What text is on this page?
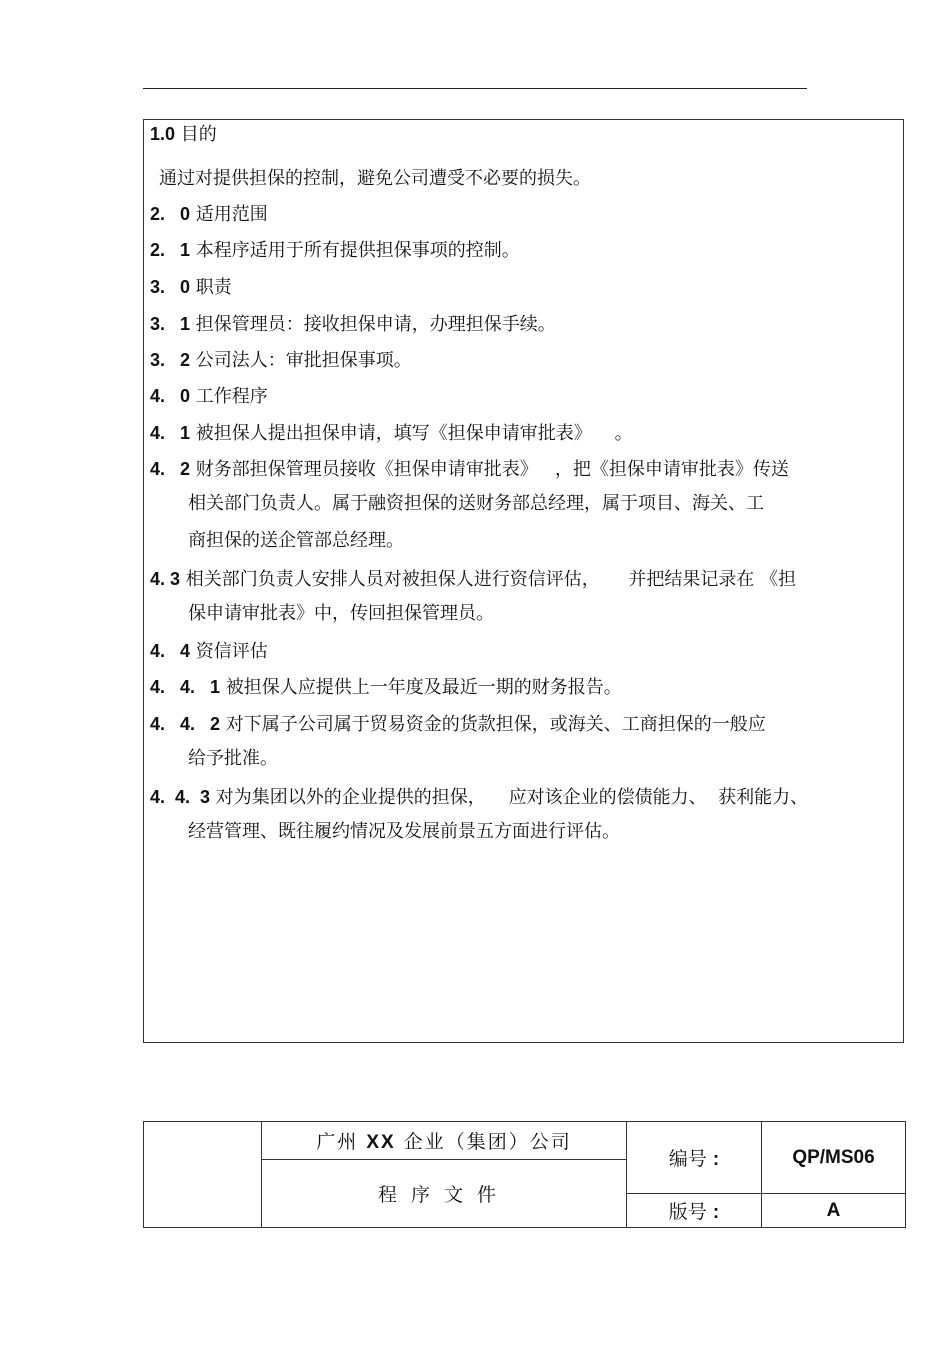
1.0 目的
通过对提供担保的控制，避免公司遭受不必要的损失。
2.   0 适用范围
2.   1 本程序适用于所有提供担保事项的控制。
3.   0 职责
3.   1 担保管理员：接收担保申请，办理担保手续。
3.   2 公司法人：审批担保事项。
4.   0 工作程序
4.   1 被担保人提出担保申请，填写《担保申请审批表》    。
4.   2 财务部担保管理员接收《担保申请审批表》   ，把《担保申请审批表》传送
相关部门负责人。属于融资担保的送财务部总经理，属于项目、海关、工
商担保的送企管部总经理。
4. 3 相关部门负责人安排人员对被担保人进行资信评估，     并把结果记录在 《担
保申请审批表》中，传回担保管理员。
4.   4 资信评估
4.   4.   1 被担保人应提供上一年度及最近一期的财务报告。
4.   4.   2 对下属子公司属于贸易资金的货款担保，或海关、工商担保的一般应
给予批准。
4.  4.  3 对为集团以外的企业提供的担保，    应对该企业的偿债能力、  获利能力、
经营管理、既往履约情况及发展前景五方面进行评估。
	广州 XX 企业（集团）公司	编号 :	QP/MS06
	程序文件		
		版号 :	A
